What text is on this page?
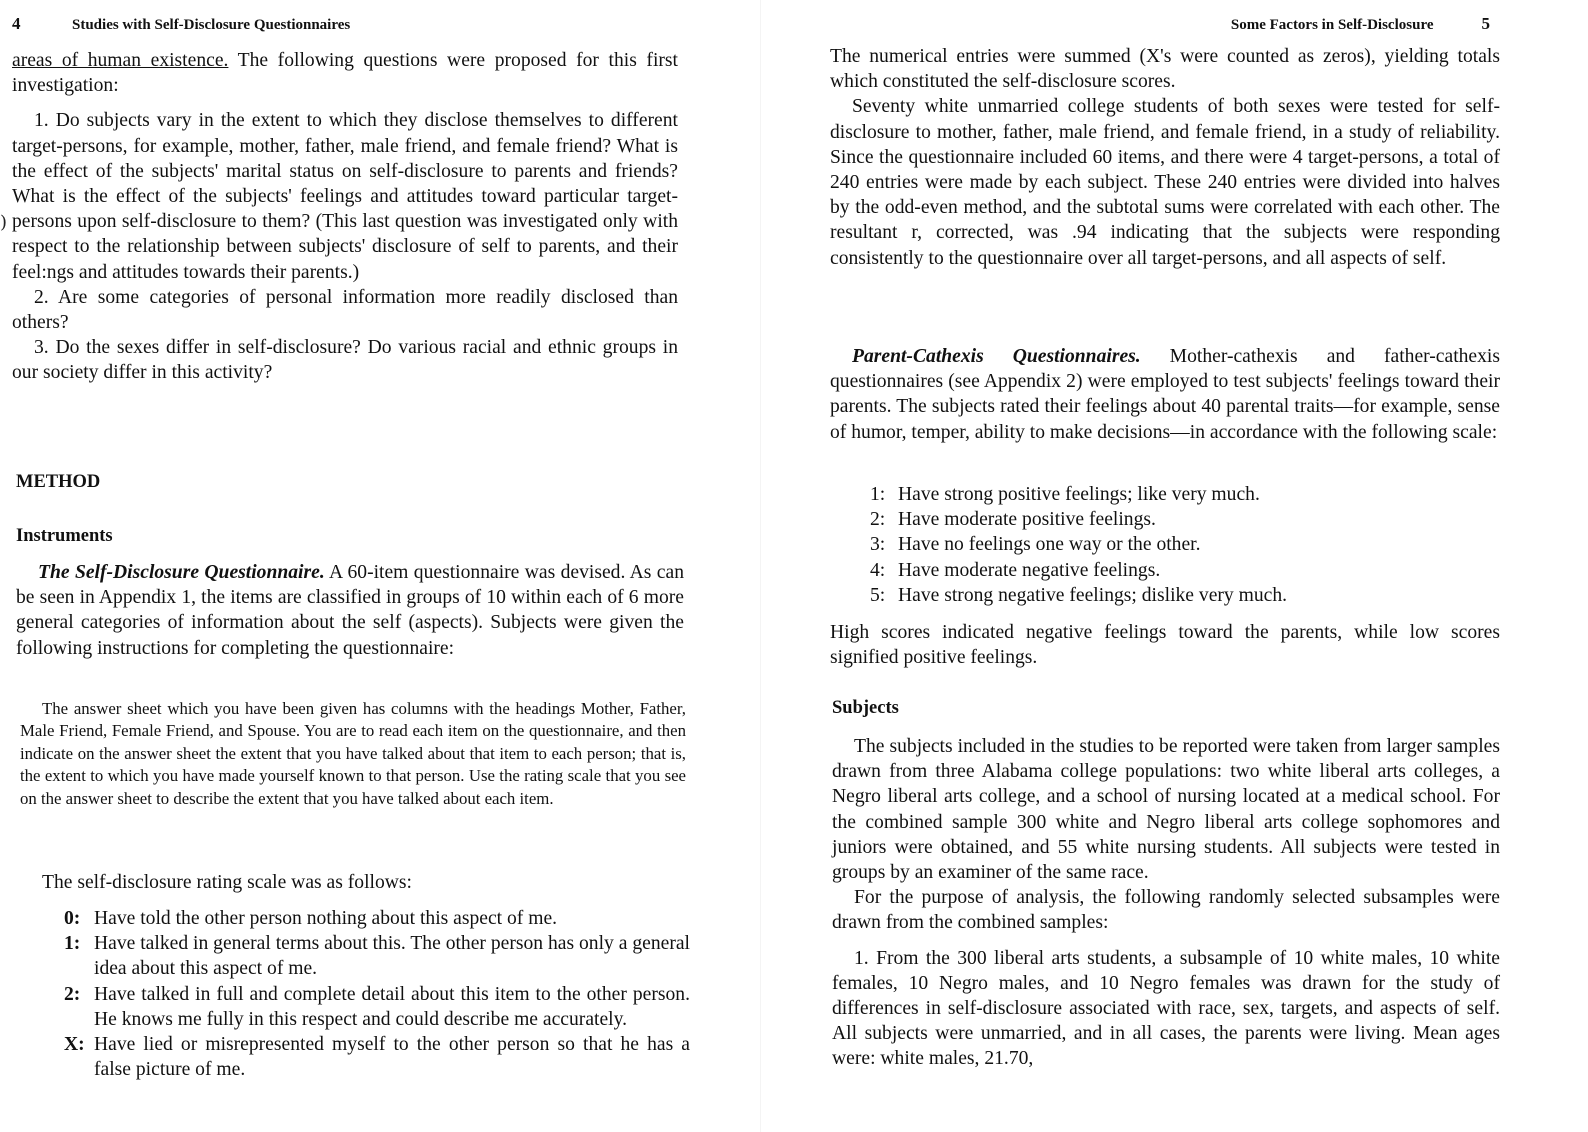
4	Studies with Self-Disclosure Questionnaires

areas of human existence. The following questions were proposed for this first investigation:

1. Do subjects vary in the extent to which they disclose themselves to different target-persons, for example, mother, father, male friend, and female friend? What is the effect of the subjects' marital status on self-disclosure to parents and friends? What is the effect of the subjects' feelings and attitudes toward particular target-persons upon self-disclosure to them? (This last question was investigated only with respect to the relationship between subjects' disclosure of self to parents, and their feel:ngs and attitudes towards their parents.)

2. Are some categories of personal information more readily disclosed than others?

3. Do the sexes differ in self-disclosure? Do various racial and ethnic groups in our society differ in this activity?

)
METHOD
Instruments

The Self-Disclosure Questionnaire. A 60-item questionnaire was devised. As can be seen in Appendix 1, the items are classified in groups of 10 within each of 6 more general categories of information about the self (aspects). Subjects were given the following instructions for completing the questionnaire:

The answer sheet which you have been given has columns with the headings Mother, Father, Male Friend, Female Friend, and Spouse. You are to read each item on the questionnaire, and then indicate on the answer sheet the extent that you have talked about that item to each person; that is, the extent to which you have made yourself known to that person. Use the rating scale that you see on the answer sheet to describe the extent that you have talked about each item.

The self-disclosure rating scale was as follows:
0: Have told the other person nothing about this aspect of me.
1: Have talked in general terms about this. The other person has only a general idea about this aspect of me.
2: Have talked in full and complete detail about this item to the other person. He knows me fully in this respect and could describe me accurately.
X: Have lied or misrepresented myself to the other person so that he has a false picture of me.
Some Factors in Self-Disclosure	5

The numerical entries were summed (X's were counted as zeros), yielding totals which constituted the self-disclosure scores.

Seventy white unmarried college students of both sexes were tested for self-disclosure to mother, father, male friend, and female friend, in a study of reliability. Since the questionnaire included 60 items, and there were 4 target-persons, a total of 240 entries were made by each subject. These 240 entries were divided into halves by the odd-even method, and the subtotal sums were correlated with each other. The resultant r, corrected, was .94 indicating that the subjects were responding consistently to the questionnaire over all target-persons, and all aspects of self.

Parent-Cathexis Questionnaires. Mother-cathexis and father-cathexis questionnaires (see Appendix 2) were employed to test subjects' feelings toward their parents. The subjects rated their feelings about 40 parental traits—for example, sense of humor, temper, ability to make decisions—in accordance with the following scale:

1: Have strong positive feelings; like very much.
2: Have moderate positive feelings.
3: Have no feelings one way or the other.
4: Have moderate negative feelings.
5: Have strong negative feelings; dislike very much.
High scores indicated negative feelings toward the parents, while low scores signified positive feelings.
Subjects

The subjects included in the studies to be reported were taken from larger samples drawn from three Alabama college populations: two white liberal arts colleges, a Negro liberal arts college, and a school of nursing located at a medical school. For the combined sample 300 white and Negro liberal arts college sophomores and juniors were obtained, and 55 white nursing students. All subjects were tested in groups by an examiner of the same race.

For the purpose of analysis, the following randomly selected subsamples were drawn from the combined samples:

1. From the 300 liberal arts students, a subsample of 10 white males, 10 white females, 10 Negro males, and 10 Negro females was drawn for the study of differences in self-disclosure associated with race, sex, targets, and aspects of self. All subjects were unmarried, and in all cases, the parents were living. Mean ages were: white males, 21.70,
